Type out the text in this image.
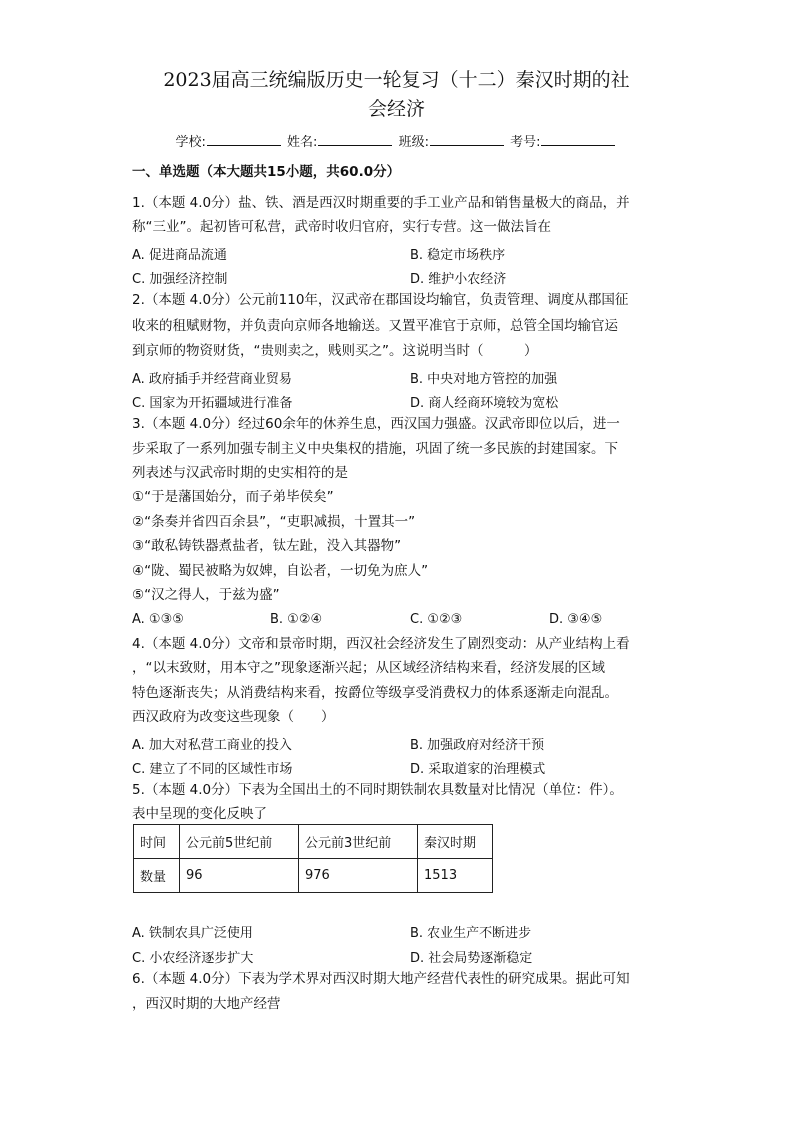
2023届高三统编版历史一轮复习（十二）秦汉时期的社
会经济
学校:	姓名:	班级:	考号:
一、单选题（本大题共15小题，共60.0分）
1.（本题 4.0分）盐、铁、酒是西汉时期重要的手工业产品和销售量极大的商品，并
称“三业”。起初皆可私营，武帝时收归官府，实行专营。这一做法旨在
A. 促进商品流通	B. 稳定市场秩序
C. 加强经济控制	D. 维护小农经济
2.（本题 4.0分）公元前110年，汉武帝在郡国设均输官，负责管理、调度从郡国征
收来的租赋财物，并负责向京师各地输送。又置平准官于京师，总管全国均输官运
到京师的物资财货，“贵则卖之，贱则买之”。这说明当时（　　　）
A. 政府插手并经营商业贸易	B. 中央对地方管控的加强
C. 国家为开拓疆域进行准备	D. 商人经商环境较为宽松
3.（本题 4.0分）经过60余年的休养生息，西汉国力强盛。汉武帝即位以后，进一
步采取了一系列加强专制主义中央集权的措施，巩固了统一多民族的封建国家。下
列表述与汉武帝时期的史实相符的是
①“于是藩国始分，而子弟毕侯矣”
②“条奏并省四百余县”，“吏职减损，十置其一”
③“敢私铸铁器煮盐者，钛左趾，没入其器物”
④“陇、蜀民被略为奴婢，自讼者，一切免为庶人”
⑤“汉之得人，于兹为盛”
A. ①③⑤	B. ①②④	C. ①②③	D. ③④⑤
4.（本题 4.0分）文帝和景帝时期，西汉社会经济发生了剧烈变动：从产业结构上看
，“以末致财，用本守之”现象逐渐兴起；从区域经济结构来看，经济发展的区域
特色逐渐丧失；从消费结构来看，按爵位等级享受消费权力的体系逐渐走向混乱。
西汉政府为改变这些现象（　　）
A. 加大对私营工商业的投入	B. 加强政府对经济干预
C. 建立了不同的区域性市场	D. 采取道家的治理模式
5.（本题 4.0分）下表为全国出土的不同时期铁制农具数量对比情况（单位：件）。
表中呈现的变化反映了
时间	公元前5世纪前	公元前3世纪前	秦汉时期
数量	96	976	1513
A. 铁制农具广泛使用	B. 农业生产不断进步
C. 小农经济逐步扩大	D. 社会局势逐渐稳定
6.（本题 4.0分）下表为学术界对西汉时期大地产经营代表性的研究成果。据此可知
，西汉时期的大地产经营
